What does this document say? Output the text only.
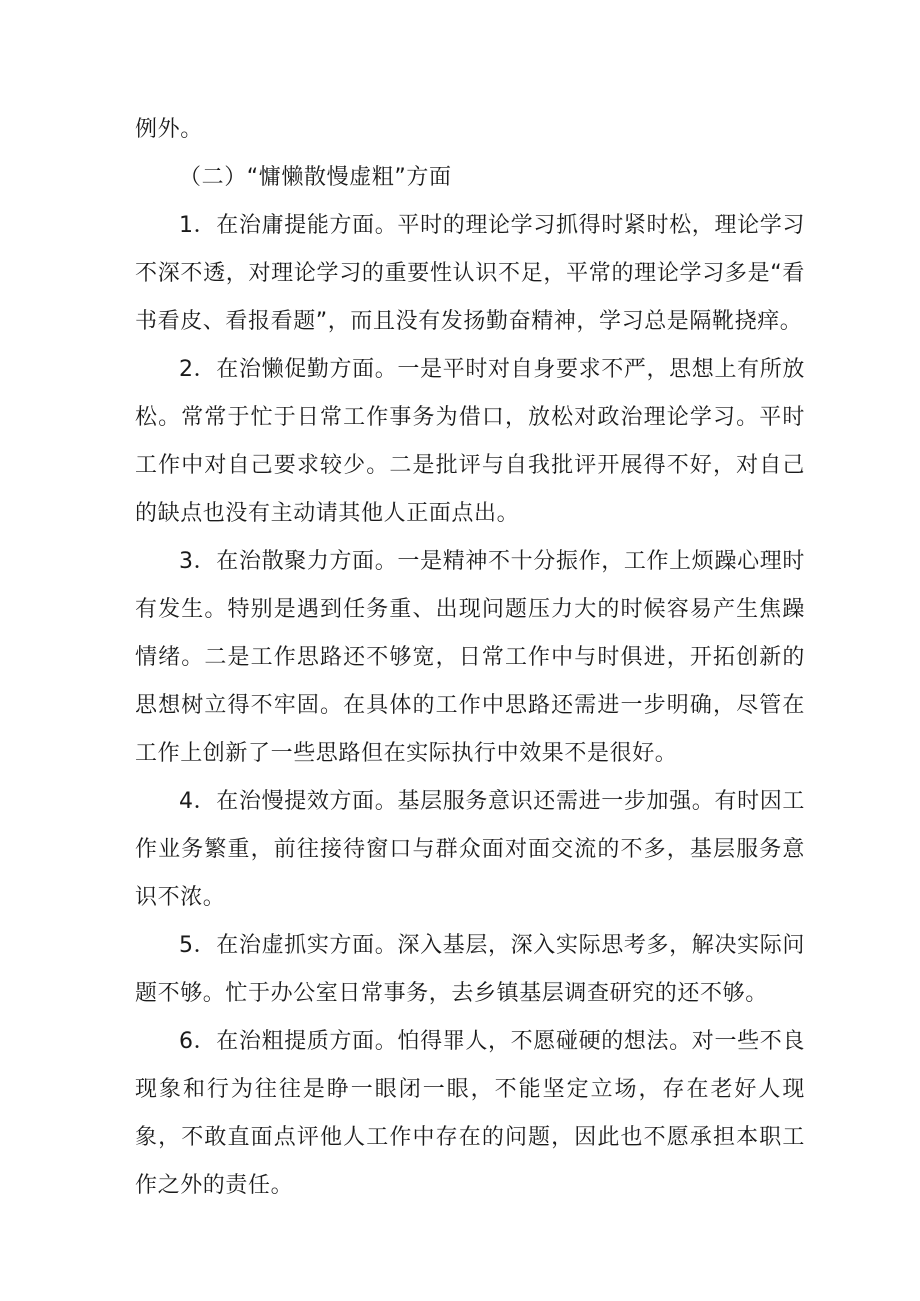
例外。

（二）“慵懒散慢虚粗”方面

1．在治庸提能方面。平时的理论学习抓得时紧时松，理论学习不深不透，对理论学习的重要性认识不足，平常的理论学习多是“看书看皮、看报看题”，而且没有发扬勤奋精神，学习总是隔靴挠痒。

2．在治懒促勤方面。一是平时对自身要求不严，思想上有所放松。常常于忙于日常工作事务为借口，放松对政治理论学习。平时工作中对自己要求较少。二是批评与自我批评开展得不好，对自己的缺点也没有主动请其他人正面点出。

3．在治散聚力方面。一是精神不十分振作，工作上烦躁心理时有发生。特别是遇到任务重、出现问题压力大的时候容易产生焦躁情绪。二是工作思路还不够宽，日常工作中与时俱进，开拓创新的思想树立得不牢固。在具体的工作中思路还需进一步明确，尽管在工作上创新了一些思路但在实际执行中效果不是很好。

4．在治慢提效方面。基层服务意识还需进一步加强。有时因工作业务繁重，前往接待窗口与群众面对面交流的不多，基层服务意识不浓。

5．在治虚抓实方面。深入基层，深入实际思考多，解决实际问题不够。忙于办公室日常事务，去乡镇基层调查研究的还不够。

6．在治粗提质方面。怕得罪人，不愿碰硬的想法。对一些不良现象和行为往往是睁一眼闭一眼，不能坚定立场，存在老好人现象，不敢直面点评他人工作中存在的问题，因此也不愿承担本职工作之外的责任。
